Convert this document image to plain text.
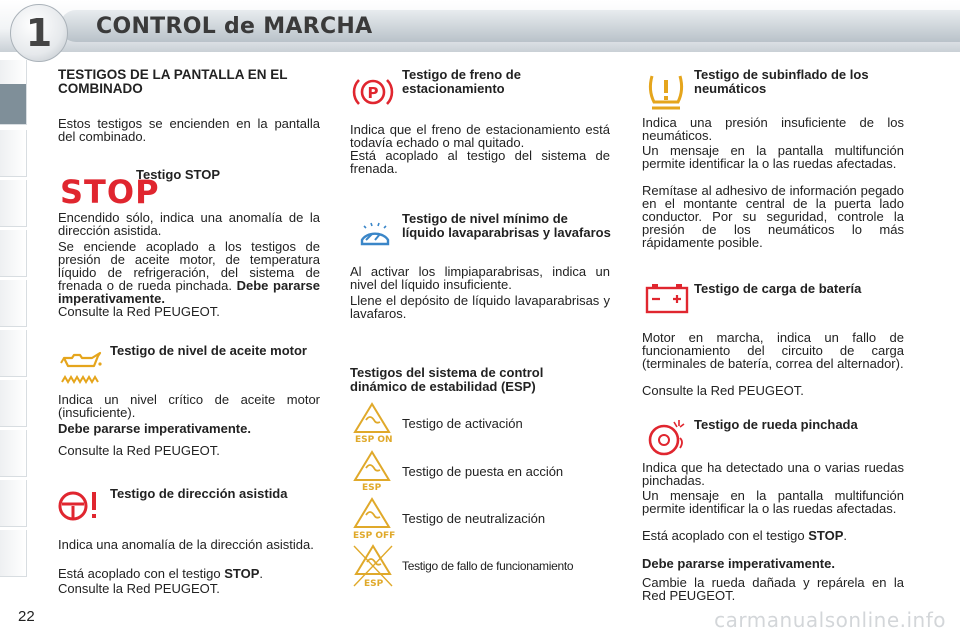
1 CONTROL de MARCHA
TESTIGOS DE LA PANTALLA EN EL COMBINADO
Estos testigos se encienden en la pantalla del combinado.
STOP
Testigo STOP
Encendido sólo, indica una anomalía de la dirección asistida.
Se enciende acoplado a los testigos de presión de aceite motor, de temperatura líquido de refrigeración, del sistema de frenada o de rueda pinchada. Debe pararse imperativamente.
Consulte la Red PEUGEOT.
Testigo de nivel de aceite motor
Indica un nivel crítico de aceite motor (insuficiente).
Debe pararse imperativamente.
Consulte la Red PEUGEOT.
Testigo de dirección asistida
Indica una anomalía de la dirección asistida.
Está acoplado con el testigo STOP.
Consulte la Red PEUGEOT.
P
Testigo de freno de estacionamiento
Indica que el freno de estacionamiento está todavía echado o mal quitado.
Está acoplado al testigo del sistema de frenada.
Testigo de nivel mínimo de líquido lavaparabrisas y lavafaros
Al activar los limpiaparabrisas, indica un nivel del líquido insuficiente.
Llene el depósito de líquido lavaparabrisas y lavafaros.
Testigos del sistema de control dinámico de estabilidad (ESP)
ESP ON
Testigo de activación
ESP
Testigo de puesta en acción
ESP OFF
Testigo de neutralización
ESP
Testigo de fallo de funcionamiento
Testigo de subinflado de los neumáticos
Indica una presión insuficiente de los neumáticos.
Un mensaje en la pantalla multifunción permite identificar la o las ruedas afectadas.
Remítase al adhesivo de información pegado en el montante central de la puerta lado conductor. Por su seguridad, controle la presión de los neumáticos lo más rápidamente posible.
Testigo de carga de batería
Motor en marcha, indica un fallo de funcionamiento del circuito de carga (terminales de batería, correa del alternador).
Consulte la Red PEUGEOT.
Testigo de rueda pinchada
Indica que ha detectado una o varias ruedas pinchadas.
Un mensaje en la pantalla multifunción permite identificar la o las ruedas afectadas.
Está acoplado con el testigo STOP.
Debe pararse imperativamente.
Cambie la rueda dañada y repárela en la Red PEUGEOT.
22	carmanualsonline.info
